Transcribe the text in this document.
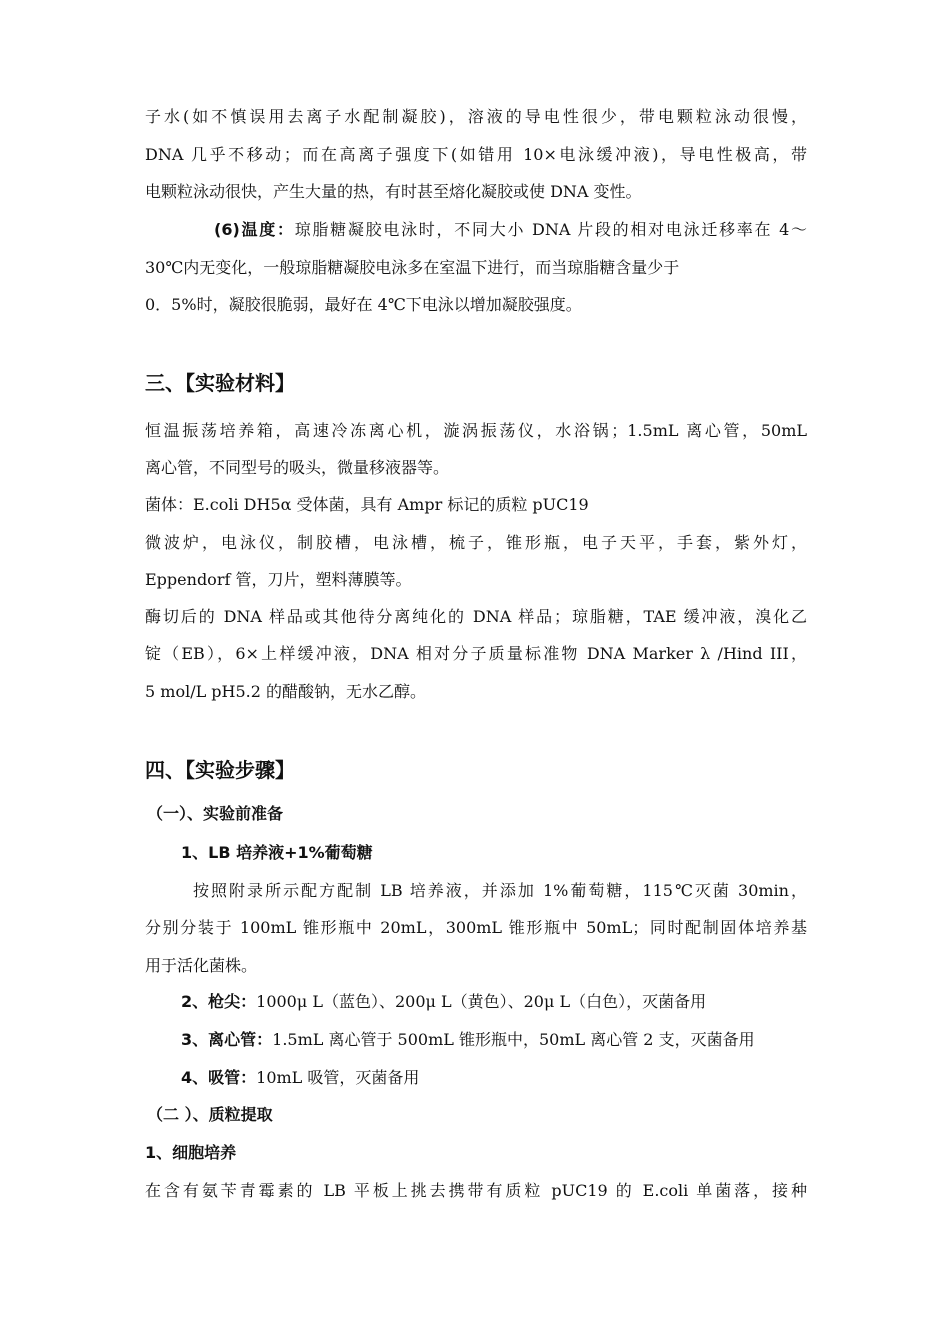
子水(如不慎误用去离子水配制凝胶)，溶液的导电性很少，带电颗粒泳动很慢，
DNA 几乎不移动；而在高离子强度下(如错用 10×电泳缓冲液)，导电性极高，带
电颗粒泳动很快，产生大量的热，有时甚至熔化凝胶或使 DNA 变性。
(6)温度：琼脂糖凝胶电泳时，不同大小 DNA 片段的相对电泳迁移率在 4～
30℃内无变化，一般琼脂糖凝胶电泳多在室温下进行，而当琼脂糖含量少于
0．5%时，凝胶很脆弱，最好在 4℃下电泳以增加凝胶强度。
三、【实验材料】
恒温振荡培养箱，高速冷冻离心机，漩涡振荡仪，水浴锅；1.5mL 离心管，50mL
离心管，不同型号的吸头，微量移液器等。
菌体：E.coli DH5α 受体菌，具有 Ampr 标记的质粒 pUC19
微波炉，电泳仪，制胶槽，电泳槽，梳子，锥形瓶，电子天平，手套，紫外灯，
Eppendorf 管，刀片，塑料薄膜等。
酶切后的 DNA 样品或其他待分离纯化的 DNA 样品；琼脂糖，TAE 缓冲液，溴化乙
锭（EB），6×上样缓冲液，DNA 相对分子质量标准物 DNA Marker λ /Hind III，
5 mol/L pH5.2 的醋酸钠，无水乙醇。
四、【实验步骤】
（一）、实验前准备
1、LB 培养液+1%葡萄糖
按照附录所示配方配制 LB 培养液，并添加 1%葡萄糖，115℃灭菌 30min，
分别分装于 100mL 锥形瓶中 20mL，300mL 锥形瓶中 50mL；同时配制固体培养基
用于活化菌株。
2、枪尖：1000μ L（蓝色）、200μ L（黄色）、20μ L（白色），灭菌备用
3、离心管：1.5mL 离心管于 500mL 锥形瓶中，50mL 离心管 2 支，灭菌备用
4、吸管：10mL 吸管，灭菌备用
（二 ）、质粒提取
1、细胞培养
在含有氨苄青霉素的 LB 平板上挑去携带有质粒 pUC19 的 E.coli 单菌落，接种
